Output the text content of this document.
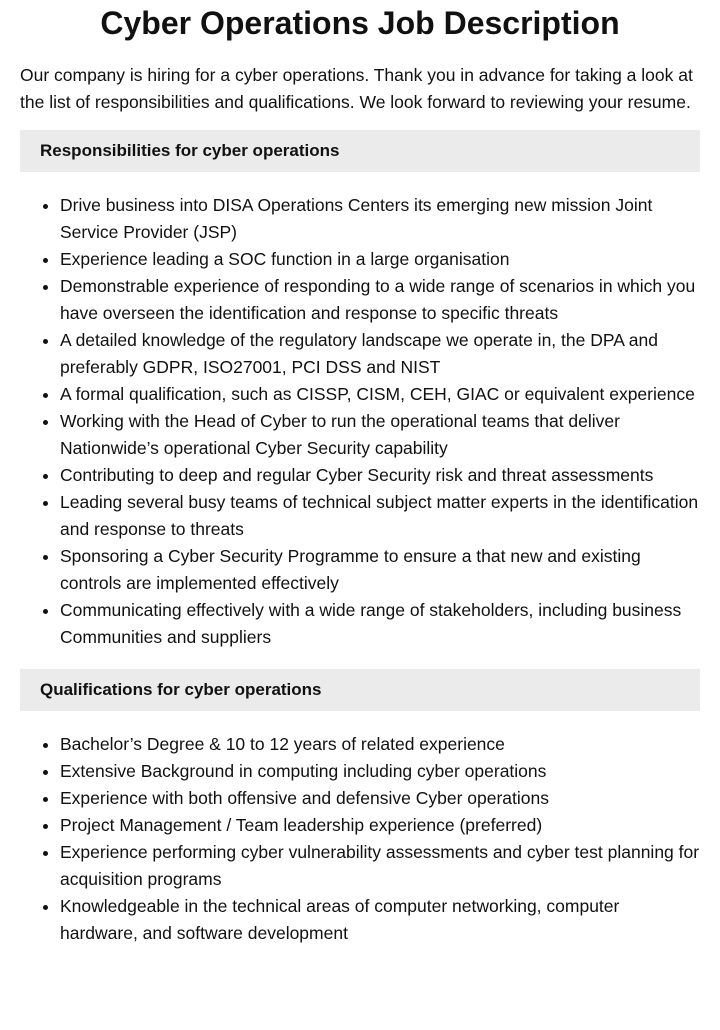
Cyber Operations Job Description

Our company is hiring for a cyber operations. Thank you in advance for taking a look at the list of responsibilities and qualifications. We look forward to reviewing your resume.

Responsibilities for cyber operations
• Drive business into DISA Operations Centers its emerging new mission Joint Service Provider (JSP)
• Experience leading a SOC function in a large organisation
• Demonstrable experience of responding to a wide range of scenarios in which you have overseen the identification and response to specific threats
• A detailed knowledge of the regulatory landscape we operate in, the DPA and preferably GDPR, ISO27001, PCI DSS and NIST
• A formal qualification, such as CISSP, CISM, CEH, GIAC or equivalent experience
• Working with the Head of Cyber to run the operational teams that deliver Nationwide’s operational Cyber Security capability
• Contributing to deep and regular Cyber Security risk and threat assessments
• Leading several busy teams of technical subject matter experts in the identification and response to threats
• Sponsoring a Cyber Security Programme to ensure a that new and existing controls are implemented effectively
• Communicating effectively with a wide range of stakeholders, including business Communities and suppliers
Qualifications for cyber operations
• Bachelor’s Degree & 10 to 12 years of related experience
• Extensive Background in computing including cyber operations
• Experience with both offensive and defensive Cyber operations
• Project Management / Team leadership experience (preferred)
• Experience performing cyber vulnerability assessments and cyber test planning for acquisition programs
• Knowledgeable in the technical areas of computer networking, computer hardware, and software development
